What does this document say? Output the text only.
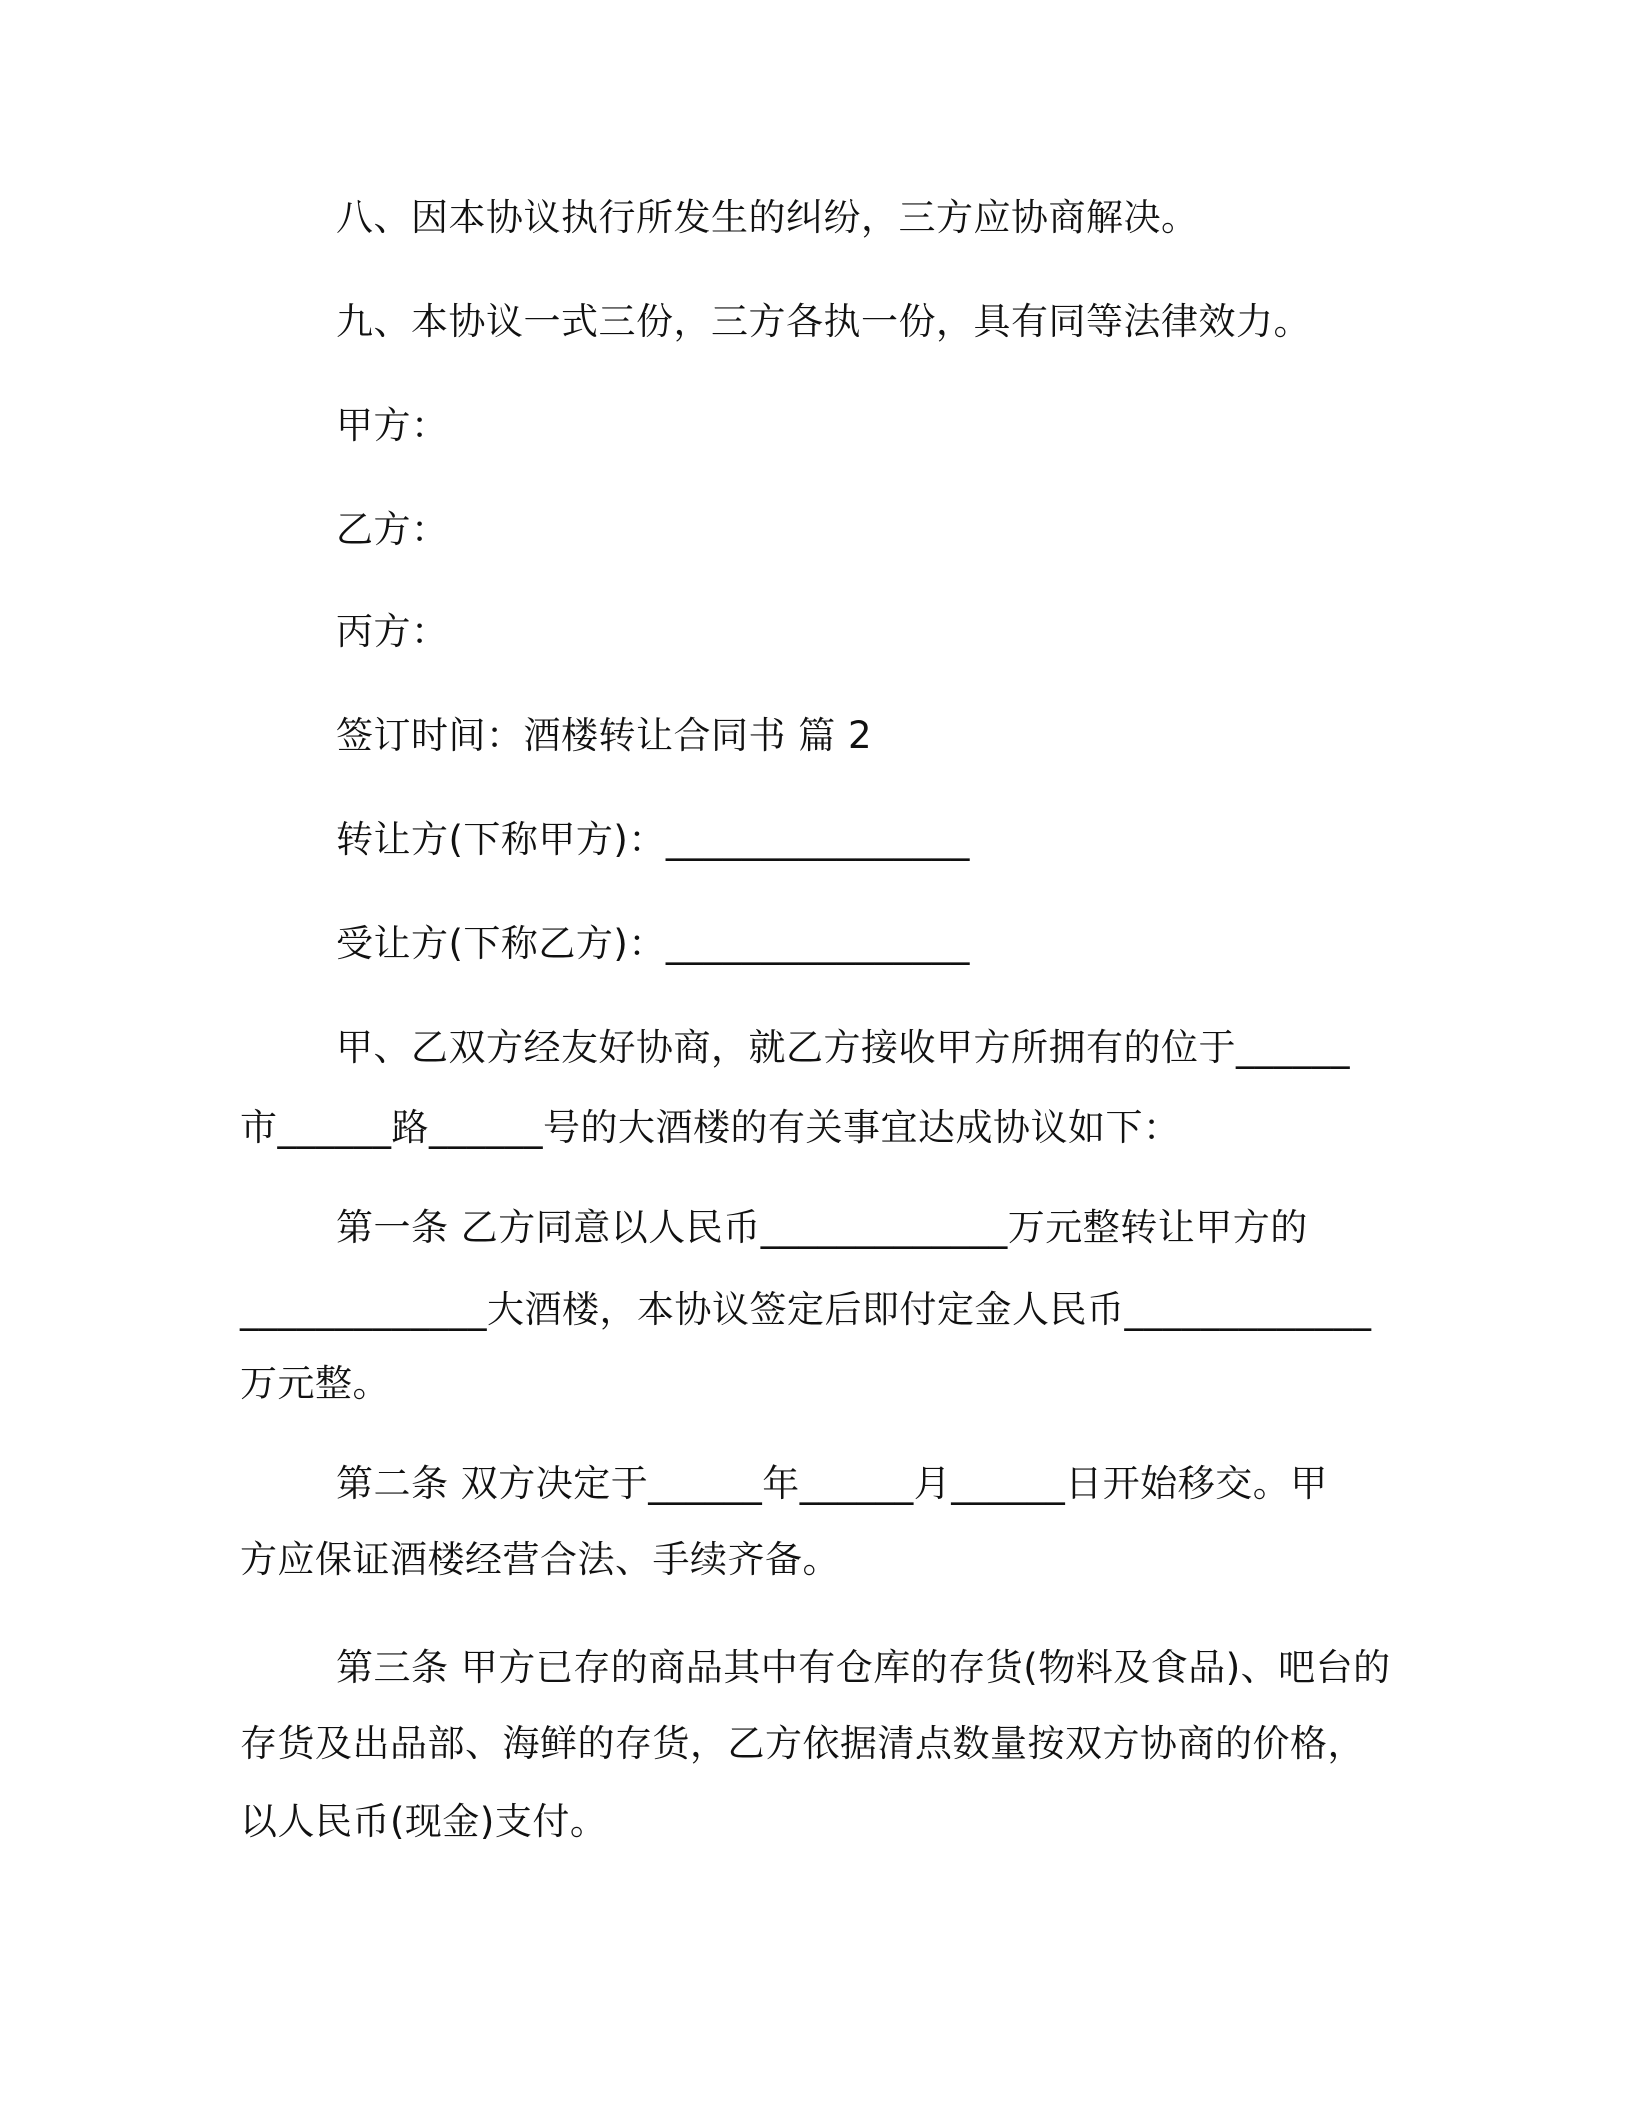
八、因本协议执行所发生的纠纷，三方应协商解决。
九、本协议一式三份，三方各执一份，具有同等法律效力。
甲方：
乙方：
丙方：
签订时间：酒楼转让合同书 篇 2
转让方(下称甲方)：________________
受让方(下称乙方)：________________
甲、乙双方经友好协商，就乙方接收甲方所拥有的位于______
市______路______号的大酒楼的有关事宜达成协议如下：
第一条 乙方同意以人民币_____________万元整转让甲方的
_____________大酒楼，本协议签定后即付定金人民币_____________
万元整。
第二条 双方决定于______年______月______日开始移交。甲
方应保证酒楼经营合法、手续齐备。
第三条 甲方已存的商品其中有仓库的存货(物料及食品)、吧台的
存货及出品部、海鲜的存货，乙方依据清点数量按双方协商的价格，
以人民币(现金)支付。
